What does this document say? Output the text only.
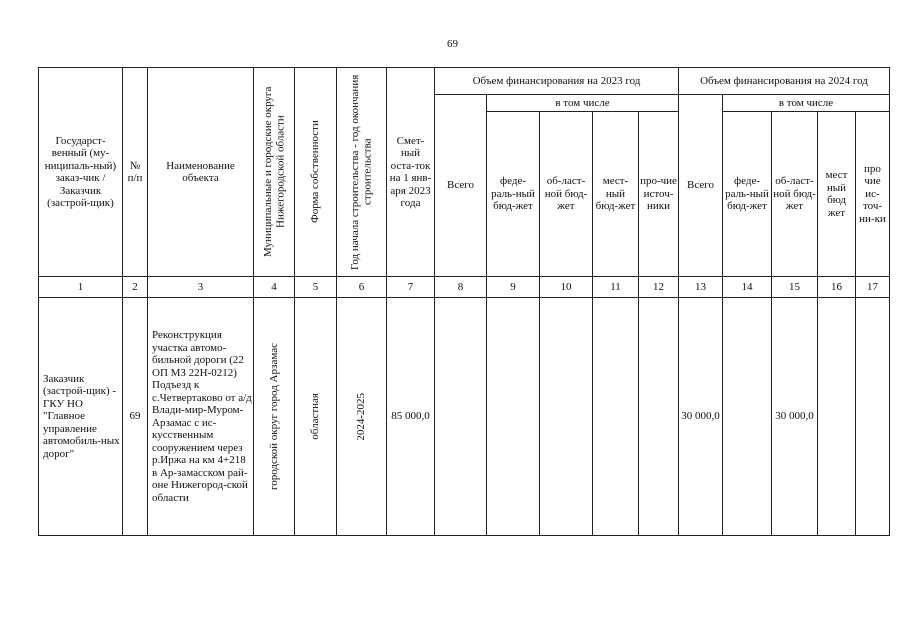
69
Государст-венный (му-ниципаль-ный) заказ-чик / Заказчик (застрой-щик)	№ п/п	Наименование объекта	Муниципальные и городские округа Нижегородской области	Форма собственности	Год начала строительства - год окончания строительства	Смет-ный оста-ток на 1 янв-аря 2023 года	Объем финансирования на 2023 год					Объем финансирования на 2024 год				
							Всего	в том числе				Всего	в том числе			
								феде-раль-ный бюд-жет	об-ласт-ной бюд-жет	мест-ный бюд-жет	про-чие источ-ники		феде-раль-ный бюд-жет	об-ласт-ной бюд-жет	мест ный бюд жет	про чие ис-точ-ни-ки
1	2	3	4	5	6	7	8	9	10	11	12	13	14	15	16	17
Заказчик (застрой-щик) - ГКУ НО "Главное управление автомобиль-ных дорог"	69	Реконструкция участка автомо-бильной дороги (22 ОП МЗ 22Н-0212) Подъезд к с.Четвертаково от а/д Влади-мир-Муром-Арзамас с ис-кусственным сооружением через р.Иржа на км 4+218 в Ар-замасском рай-оне Нижегород-ской области	городской округ город Арзамас	областная	2024-2025	85 000,0						30 000,0		30 000,0		
